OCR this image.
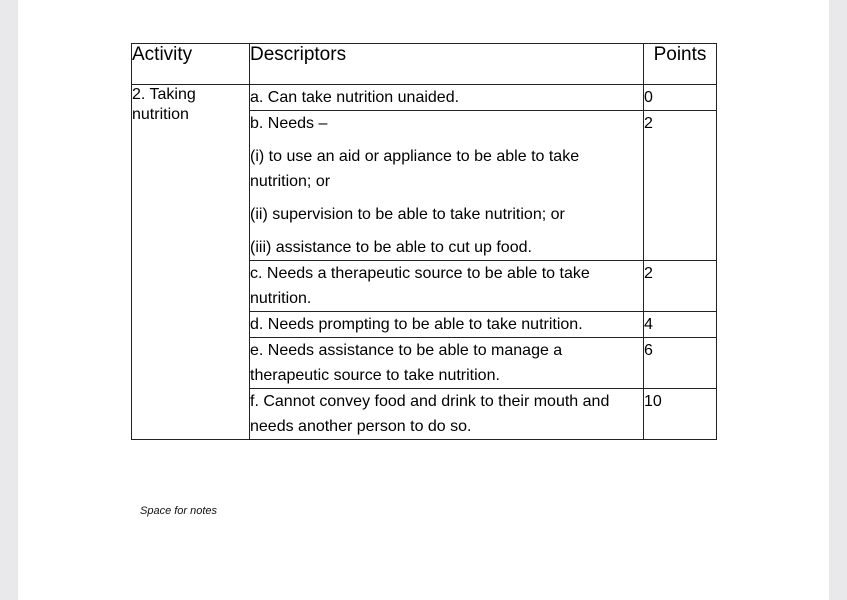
Activity	Descriptors	Points
2. Taking
nutrition	a. Can take nutrition unaided.	0

	b. Needs –

(i) to use an aid or appliance to be able to take nutrition; or

(ii) supervision to be able to take nutrition; or

(iii) assistance to be able to cut up food.	2

	c. Needs a therapeutic source to be able to take nutrition.	2

	d. Needs prompting to be able to take nutrition.	4

	e. Needs assistance to be able to manage a therapeutic source to take nutrition.	6

	f. Cannot convey food and drink to their mouth and needs another person to do so.	10
Space for notes
